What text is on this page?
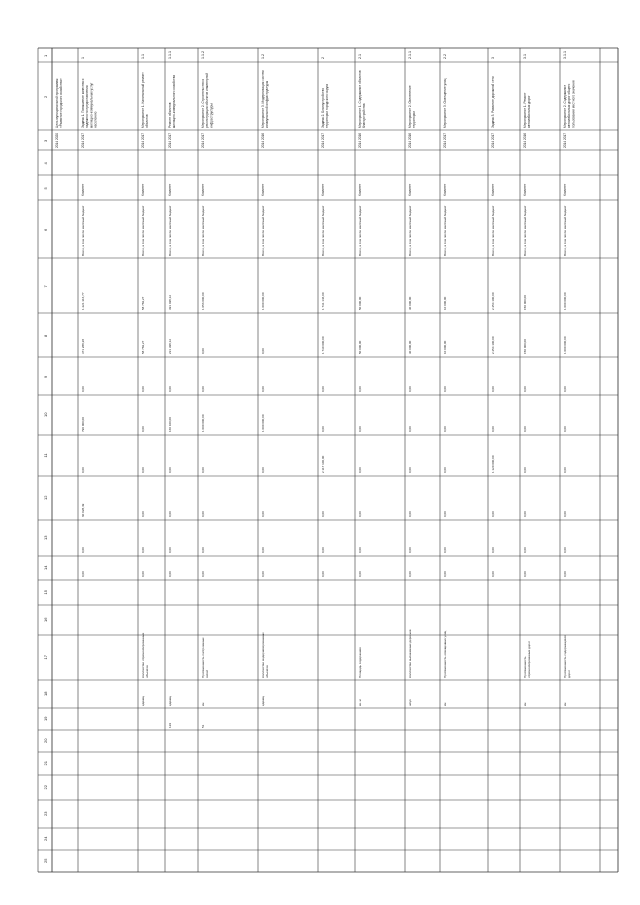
1
2
3
4
5
6
7
8
9
10
11
12
13
14
15
16
17
18
19
20
21
22
23
24
25
Цель муниципальной программы «Развитие городского хозяйства»
2014 2020
1
Задача 1. Повышение качества и надежности предоставления жилищно-коммунальных услуг населению
2014 2017
Комитет
Всего, в том числе местный бюджет
1 221 316,77
371 288,28
0,00
790 000,00
0,00
60 028,49
0,00
0,00
1.1
Мероприятие 1. Капитальный ремонт объектов
2014 2017
Комитет
Всего, в том числе местный бюджет
58 782,27
58 782,27
0,00
0,00
0,00
0,00
0,00
0,00
Количество отремонтированных объектов
единиц
1.1.1
Ремонт объектов жилищно-коммунального хозяйства
2014 2017
Комитет
Всего, в том числе местный бюджет
391 498,12
231 398,12
0,00
160 100,00
0,00
0,00
0,00
0,00
единиц
129
1.1.2
Мероприятие 2. Строительство и реконструкция объектов инженерной инфраструктуры
2014 2017
Комитет
Всего, в том числе местный бюджет
1 056 000,00
0,00
0,00
1 000 000,00
0,00
0,00
0,00
0,00
Протяженность построенных сетей
км
51
1.2
Мероприятие 3. Модернизация систем коммунальной инфраструктуры
2014 2016
Комитет
Всего, в том числе местный бюджет
1 000 000,00
0,00
0,00
1 000 000,00
0,00
0,00
0,00
0,00
Количество модернизированных объектов
единиц
2
Задача 2. Благоустройство территории городского округа
2014 2017
Комитет
Всего, в том числе местный бюджет
1 731 146,00
1 730 000,00
0,00
0,00
2 117 100,00
0,00
0,00
0,00
2.1
Мероприятие 1. Содержание объектов благоустройства
2014 2016
Комитет
Всего, в том числе местный бюджет
50 000,00
50 000,00
0,00
0,00
0,00
0,00
0,00
0,00
Площадь содержания
кв. м
2.1.1
Мероприятие 2. Озеленение территории
2014 2016
Комитет
Всего, в том числе местный бюджет
30 000,00
30 000,00
0,00
0,00
0,00
0,00
0,00
0,00
Количество высаженных деревьев
штук
2.2
Мероприятие 3. Освещение улиц
2014 2017
Комитет
Всего, в том числе местный бюджет
10 000,00
10 000,00
0,00
0,00
0,00
0,00
0,00
0,00
Протяженность освещенных улиц
км
3
Задача 3. Развитие дорожной сети
2014 2017
Комитет
Всего, в том числе местный бюджет
2 254 100,00
2 254 100,00
0,00
0,00
1 120 000,00
0,00
0,00
0,00
3.1
Мероприятие 1. Ремонт автомобильных дорог
2014 2016
Комитет
Всего, в том числе местный бюджет
150 000,00
150 000,00
0,00
0,00
0,00
0,00
0,00
0,00
Протяженность отремонтированных дорог
км
3.1.1
Мероприятие 2. Содержание автомобильных дорог общего пользования местного значения
2014 2017
Комитет
Всего, в том числе местный бюджет
1 000 000,00
1 000 000,00
0,00
0,00
0,00
0,00
0,00
0,00
Протяженность содержащихся дорог
км
